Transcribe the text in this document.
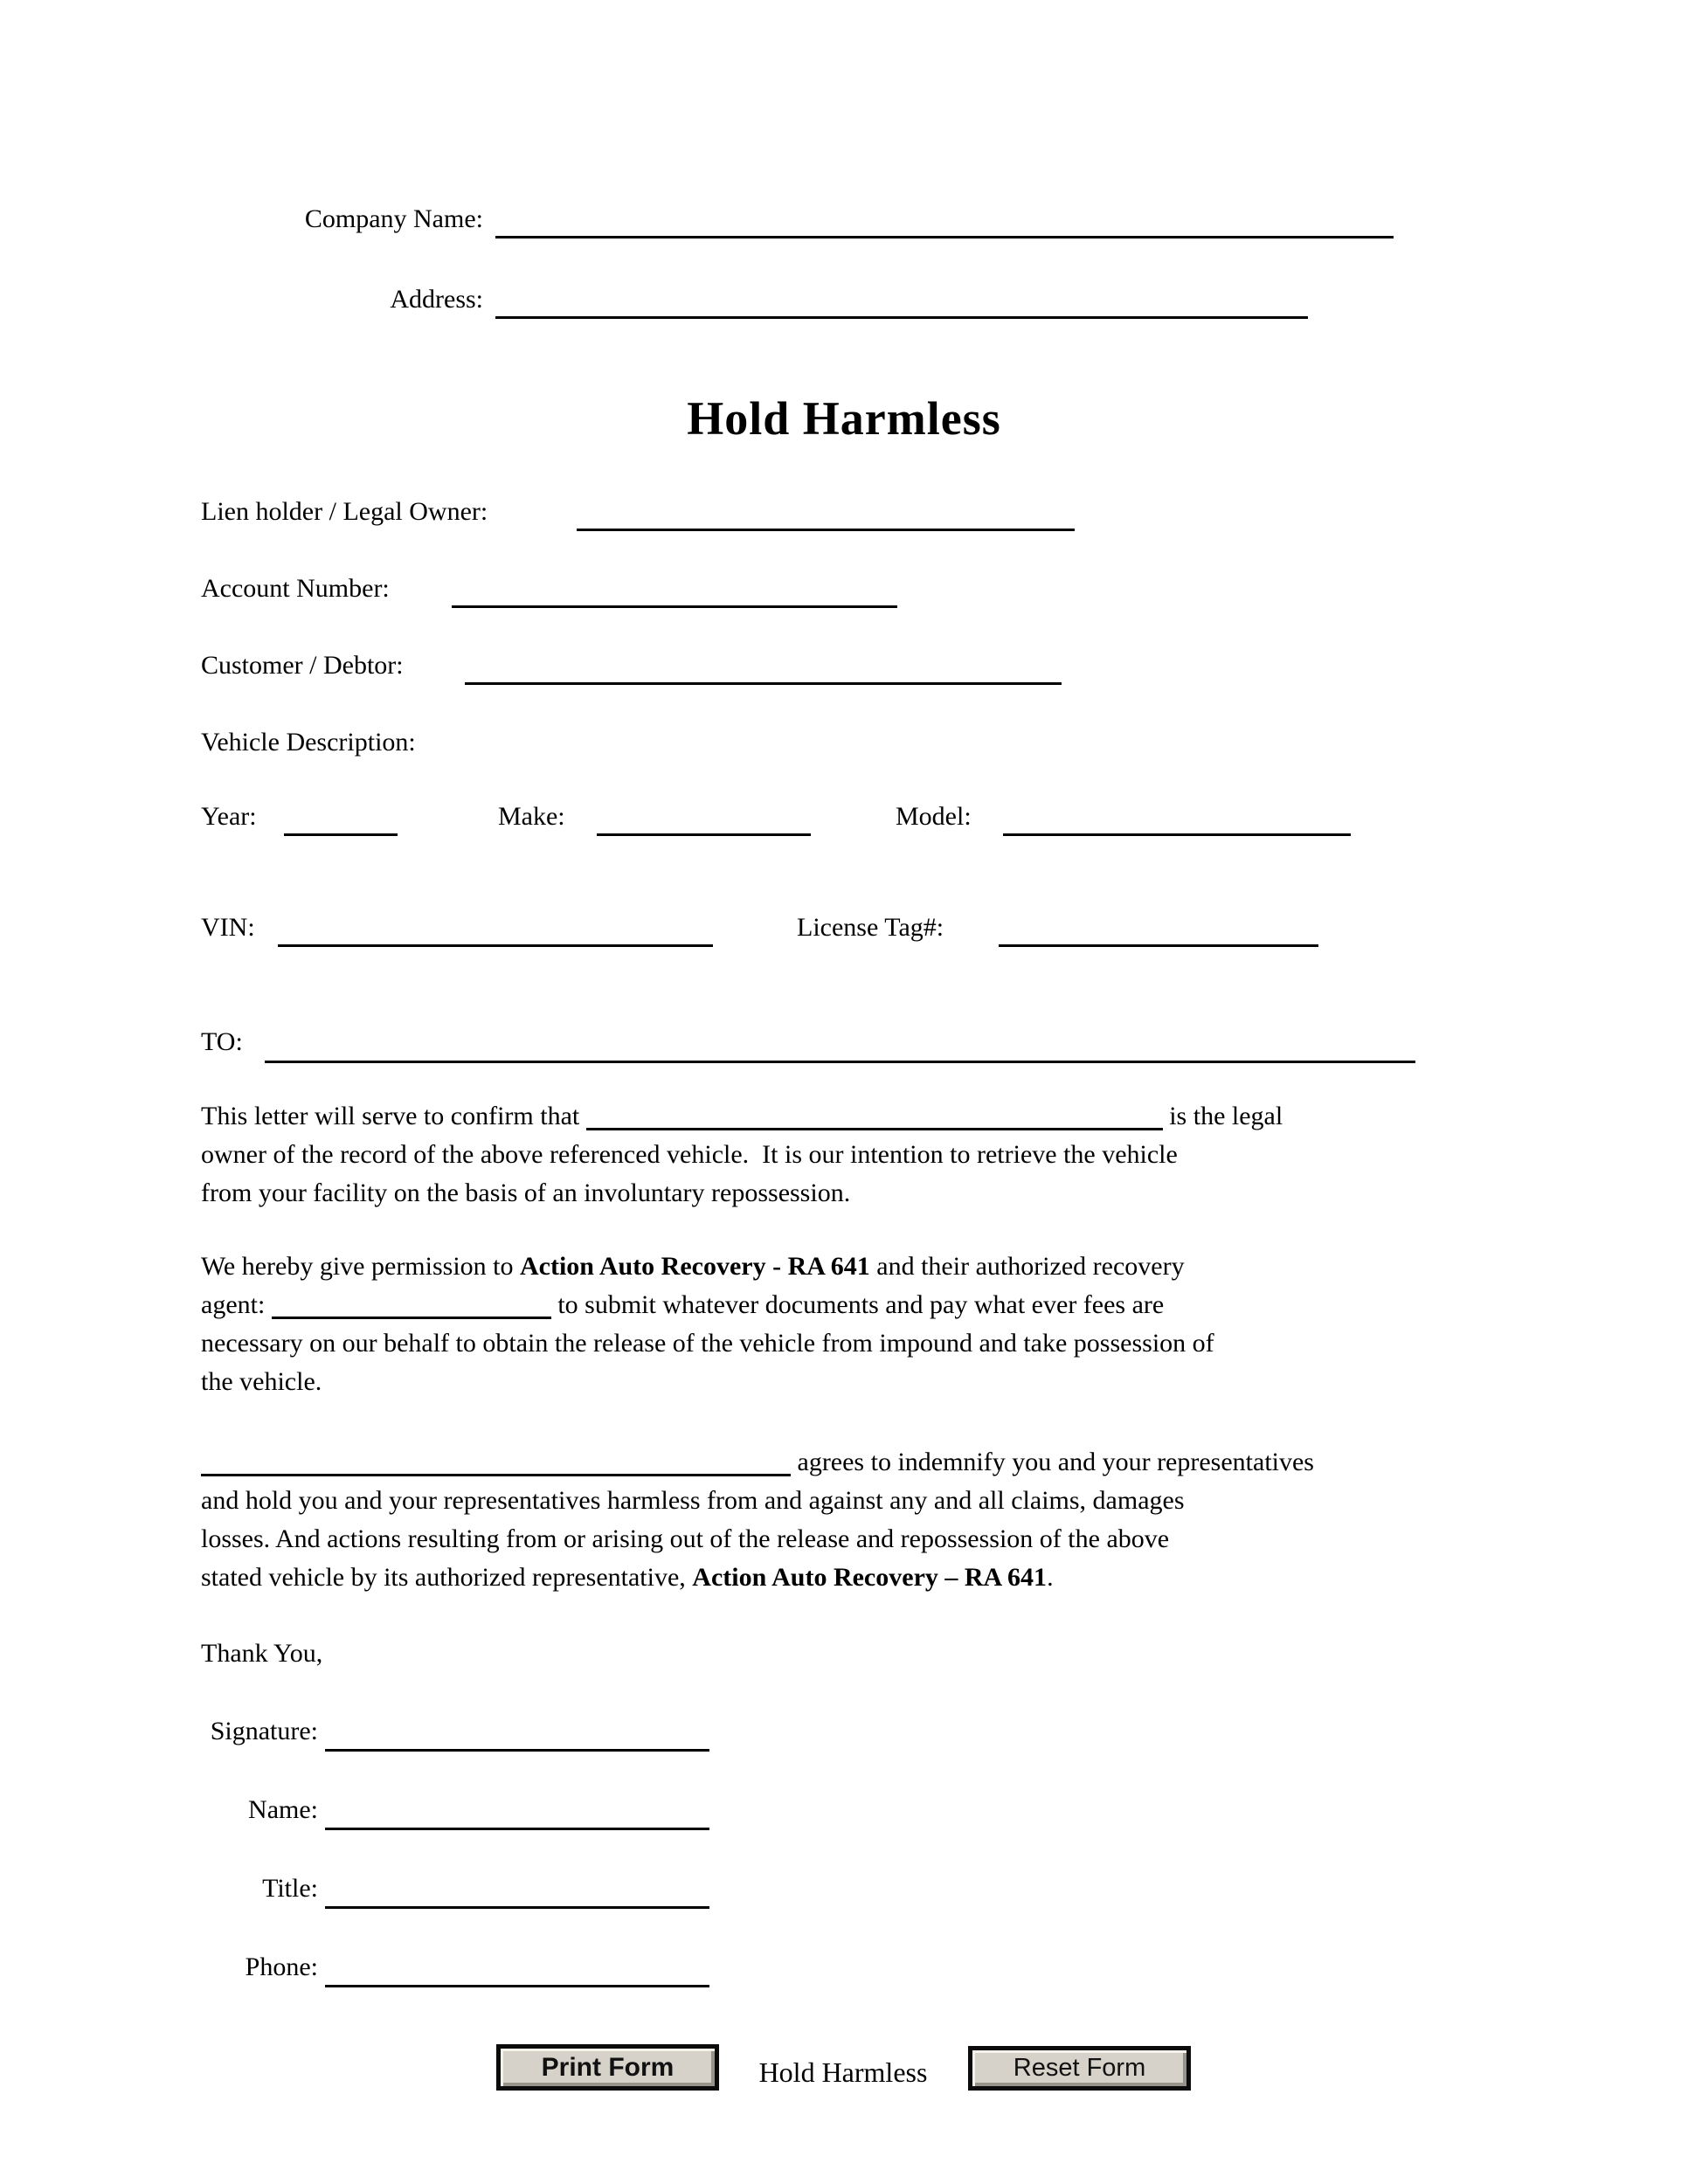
Company Name:
Address:
Hold Harmless
Lien holder / Legal Owner:
Account Number:
Customer / Debtor:
Vehicle Description:
Year:	Make:	Model:
VIN:	License Tag#:
TO:
This letter will serve to confirm that	is the legal
owner of the record of the above referenced vehicle.  It is our intention to retrieve the vehicle
from your facility on the basis of an involuntary repossession.
We hereby give permission to Action Auto Recovery - RA 641 and their authorized recovery
agent:	to submit whatever documents and pay what ever fees are
necessary on our behalf to obtain the release of the vehicle from impound and take possession of
the vehicle.
agrees to indemnify you and your representatives
and hold you and your representatives harmless from and against any and all claims, damages
losses. And actions resulting from or arising out of the release and repossession of the above
stated vehicle by its authorized representative, Action Auto Recovery – RA 641.
Thank You,
Signature:
Name:
Title:
Phone:
Print Form	Hold Harmless	Reset Form
